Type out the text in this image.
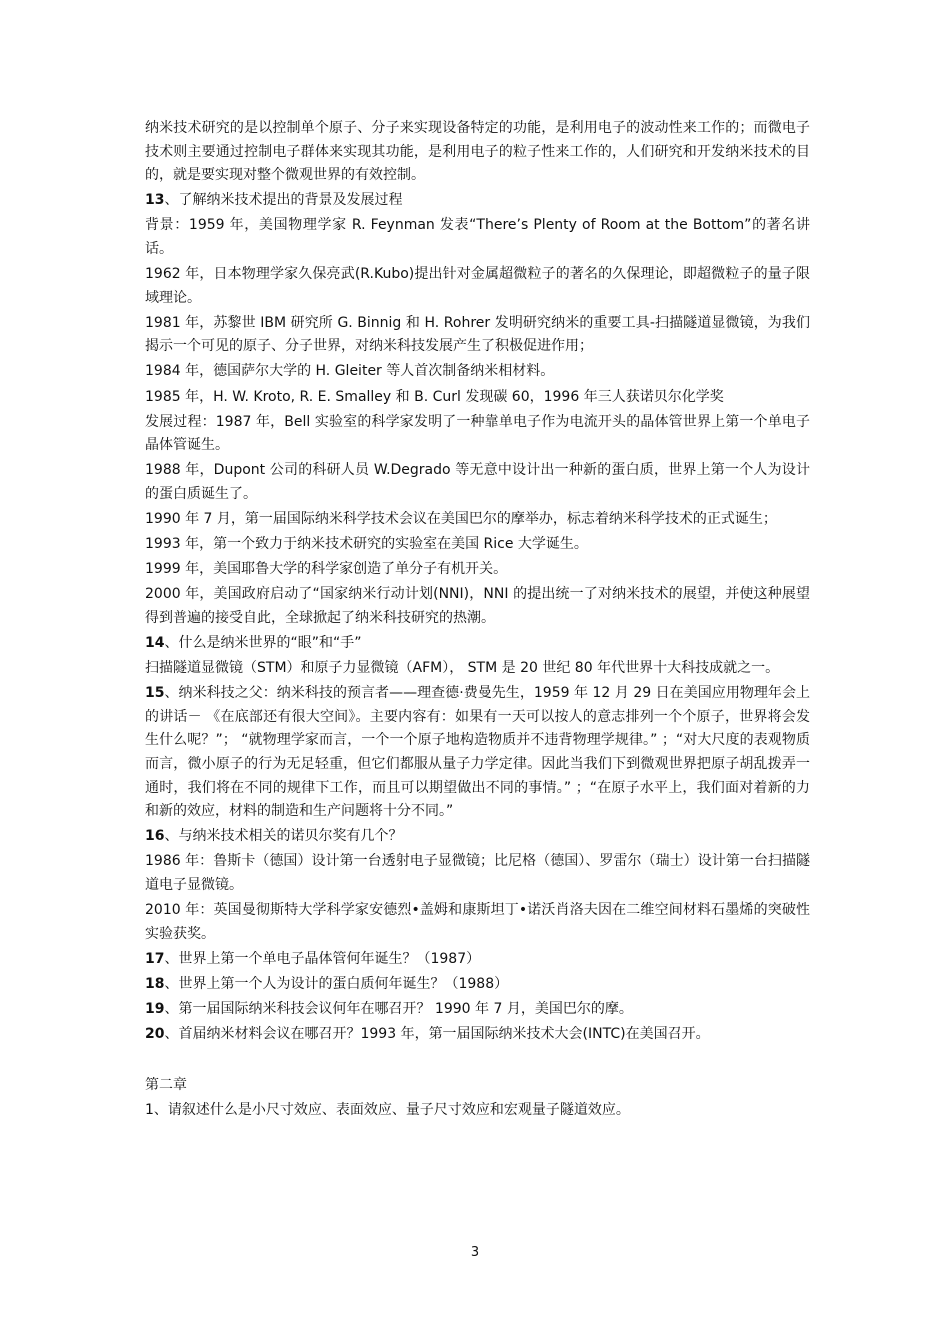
纳米技术研究的是以控制单个原子、分子来实现设备特定的功能，是利用电子的波动性来工作的；而微电子技术则主要通过控制电子群体来实现其功能，是利用电子的粒子性来工作的，人们研究和开发纳米技术的目的，就是要实现对整个微观世界的有效控制。

13、了解纳米技术提出的背景及发展过程

背景：1959 年，美国物理学家 R. Feynman 发表“There’s Plenty of Room at the Bottom”的著名讲话。

1962 年，日本物理学家久保亮武(R.Kubo)提出针对金属超微粒子的著名的久保理论，即超微粒子的量子限域理论。

1981 年，苏黎世 IBM 研究所 G. Binnig 和 H. Rohrer 发明研究纳米的重要工具-扫描隧道显微镜，为我们揭示一个可见的原子、分子世界，对纳米科技发展产生了积极促进作用；

1984 年，德国萨尔大学的 H. Gleiter 等人首次制备纳米相材料。

1985 年，H. W. Kroto, R. E. Smalley 和 B. Curl 发现碳 60，1996 年三人获诺贝尔化学奖

发展过程：1987 年，Bell 实验室的科学家发明了一种靠单电子作为电流开头的晶体管世界上第一个单电子晶体管诞生。

1988 年，Dupont 公司的科研人员 W.Degrado 等无意中设计出一种新的蛋白质，世界上第一个人为设计的蛋白质诞生了。

1990 年 7 月，第一届国际纳米科学技术会议在美国巴尔的摩举办，标志着纳米科学技术的正式诞生；

1993 年，第一个致力于纳米技术研究的实验室在美国 Rice 大学诞生。

1999 年，美国耶鲁大学的科学家创造了单分子有机开关。

2000 年，美国政府启动了“国家纳米行动计划(NNI)，NNI 的提出统一了对纳米技术的展望，并使这种展望得到普遍的接受自此，全球掀起了纳米科技研究的热潮。

14、什么是纳米世界的“眼”和“手”

扫描隧道显微镜（STM）和原子力显微镜（AFM）， STM 是 20 世纪 80 年代世界十大科技成就之一。

15、纳米科技之父：纳米科技的预言者——理查德·费曼先生，1959 年 12 月 29 日在美国应用物理年会上的讲话－ 《在底部还有很大空间》。主要内容有：如果有一天可以按人的意志排列一个个原子，世界将会发生什么呢？”； “就物理学家而言，一个一个原子地构造物质并不违背物理学规律。” ；“对大尺度的表观物质而言，微小原子的行为无足轻重，但它们都服从量子力学定律。因此当我们下到微观世界把原子胡乱拨弄一通时，我们将在不同的规律下工作，而且可以期望做出不同的事情。” ；“在原子水平上，我们面对着新的力和新的效应，材料的制造和生产问题将十分不同。”

16、与纳米技术相关的诺贝尔奖有几个？

1986 年：鲁斯卡（德国）设计第一台透射电子显微镜；比尼格（德国）、罗雷尔（瑞士）设计第一台扫描隧道电子显微镜。

2010 年：英国曼彻斯特大学科学家安德烈•盖姆和康斯坦丁•诺沃肖洛夫因在二维空间材料石墨烯的突破性实验获奖。

17、世界上第一个单电子晶体管何年诞生？（1987）

18、世界上第一个人为设计的蛋白质何年诞生？（1988）

19、第一届国际纳米科技会议何年在哪召开？ 1990 年 7 月，美国巴尔的摩。

20、首届纳米材料会议在哪召开？1993 年，第一届国际纳米技术大会(INTC)在美国召开。

第二章

1、请叙述什么是小尺寸效应、表面效应、量子尺寸效应和宏观量子隧道效应。

3
